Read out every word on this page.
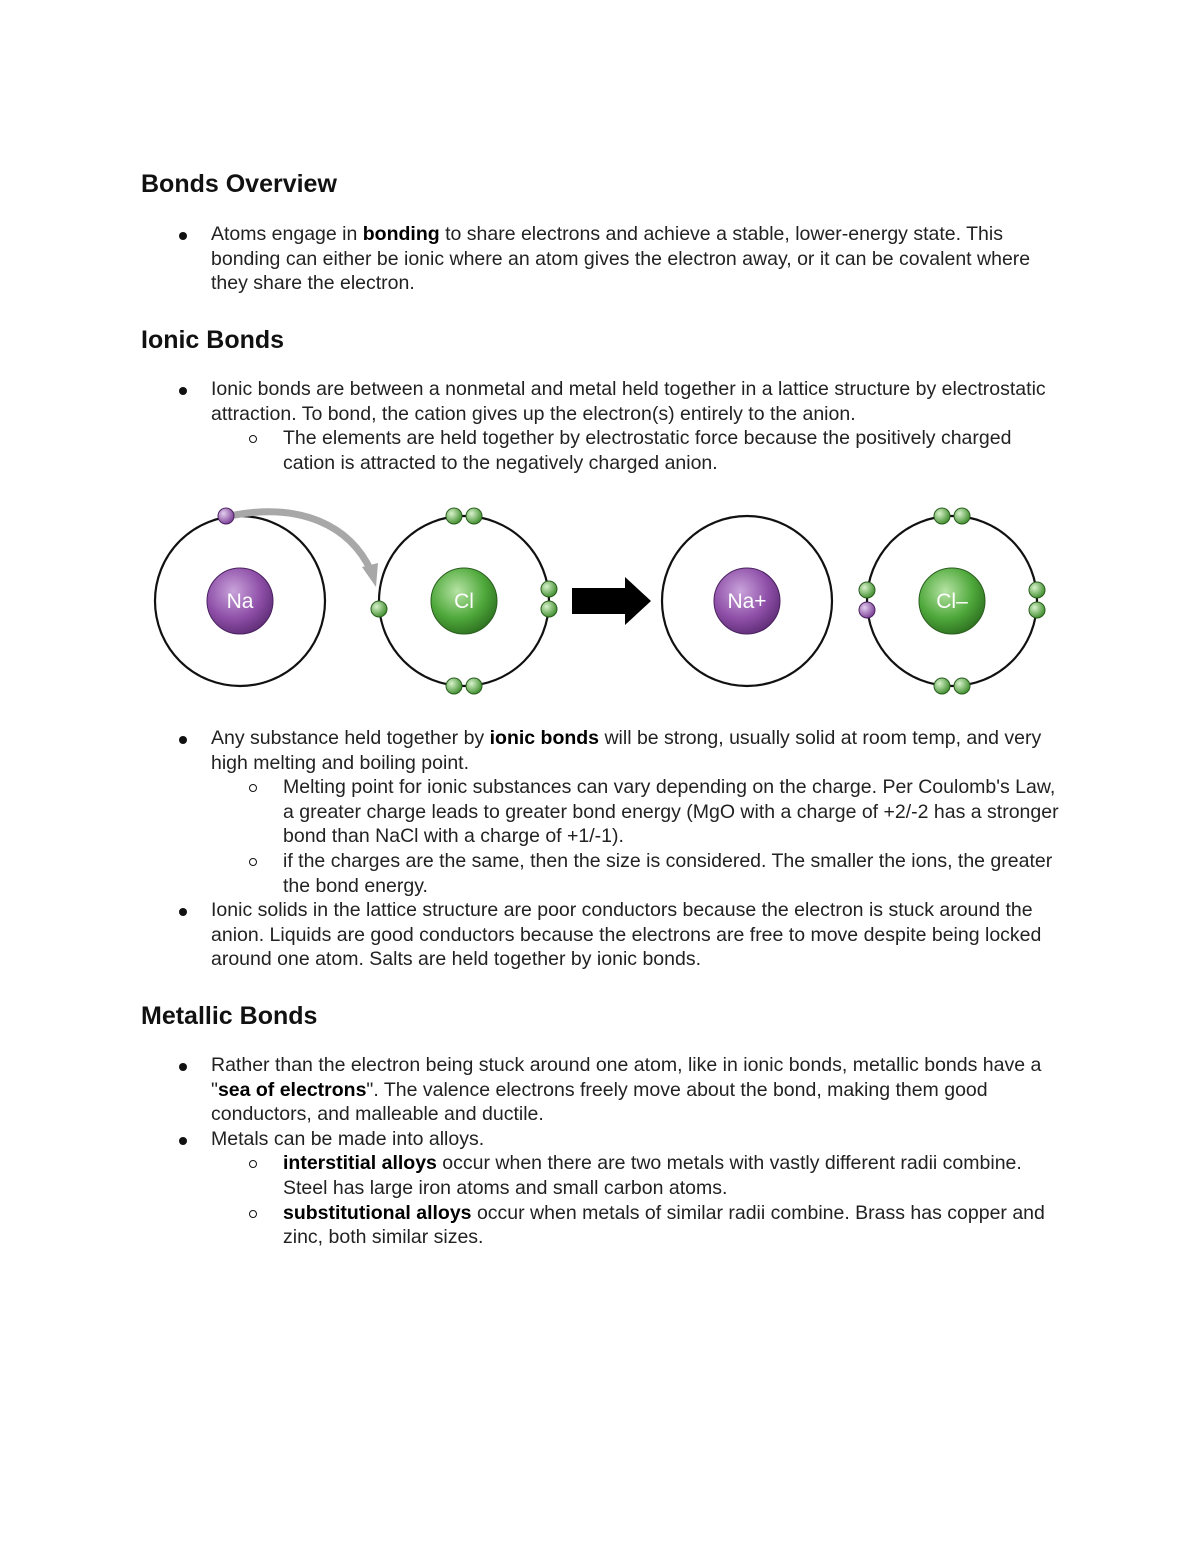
Bonds Overview
Atoms engage in bonding to share electrons and achieve a stable, lower-energy state. This bonding can either be ionic where an atom gives the electron away, or it can be covalent where they share the electron.
Ionic Bonds
Ionic bonds are between a nonmetal and metal held together in a lattice structure by electrostatic attraction. To bond, the cation gives up the electron(s) entirely to the anion.
The elements are held together by electrostatic force because the positively charged cation is attracted to the negatively charged anion.
Na	Cl	Na+	Cl–
Any substance held together by ionic bonds will be strong, usually solid at room temp, and very high melting and boiling point.
Melting point for ionic substances can vary depending on the charge. Per Coulomb's Law, a greater charge leads to greater bond energy (MgO with a charge of +2/-2 has a stronger bond than NaCl with a charge of +1/-1).
if the charges are the same, then the size is considered. The smaller the ions, the greater the bond energy.
Ionic solids in the lattice structure are poor conductors because the electron is stuck around the anion. Liquids are good conductors because the electrons are free to move despite being locked around one atom. Salts are held together by ionic bonds.
Metallic Bonds
Rather than the electron being stuck around one atom, like in ionic bonds, metallic bonds have a "sea of electrons". The valence electrons freely move about the bond, making them good conductors, and malleable and ductile.
Metals can be made into alloys.
interstitial alloys occur when there are two metals with vastly different radii combine. Steel has large iron atoms and small carbon atoms.
substitutional alloys occur when metals of similar radii combine. Brass has copper and zinc, both similar sizes.
